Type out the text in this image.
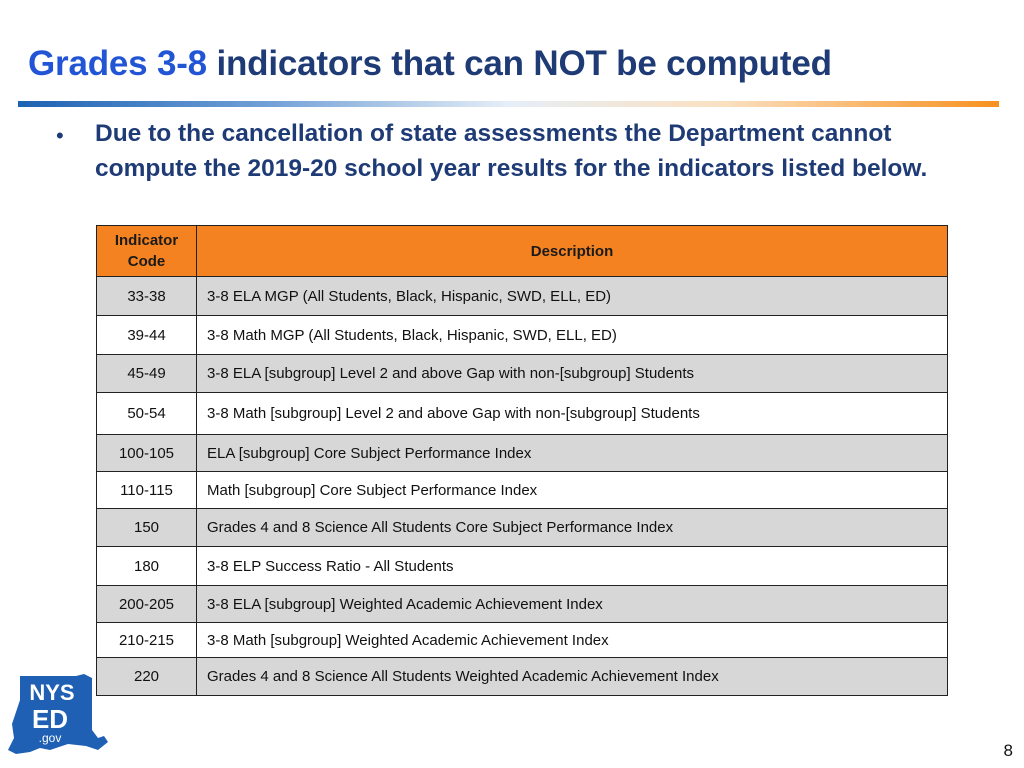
Grades 3-8 indicators that can NOT be computed
• Due to the cancellation of state assessments the Department cannot compute the 2019-20 school year results for the indicators listed below.

Indicator Code	Description
33-38	3-8 ELA MGP (All Students, Black, Hispanic, SWD, ELL, ED)
39-44	3-8 Math MGP (All Students, Black, Hispanic, SWD, ELL, ED)
45-49	3-8 ELA [subgroup] Level 2 and above Gap with non-[subgroup] Students
50-54	3-8 Math [subgroup] Level 2 and above Gap with non-[subgroup] Students
100-105	ELA [subgroup] Core Subject Performance Index
110-115	Math [subgroup] Core Subject Performance Index
150	Grades 4 and 8 Science All Students Core Subject Performance Index
180	3-8 ELP Success Ratio - All Students
200-205	3-8 ELA [subgroup] Weighted Academic Achievement Index
210-215	3-8 Math [subgroup] Weighted Academic Achievement Index
220	Grades 4 and 8 Science All Students Weighted Academic Achievement Index
NYS
ED
.gov
8
